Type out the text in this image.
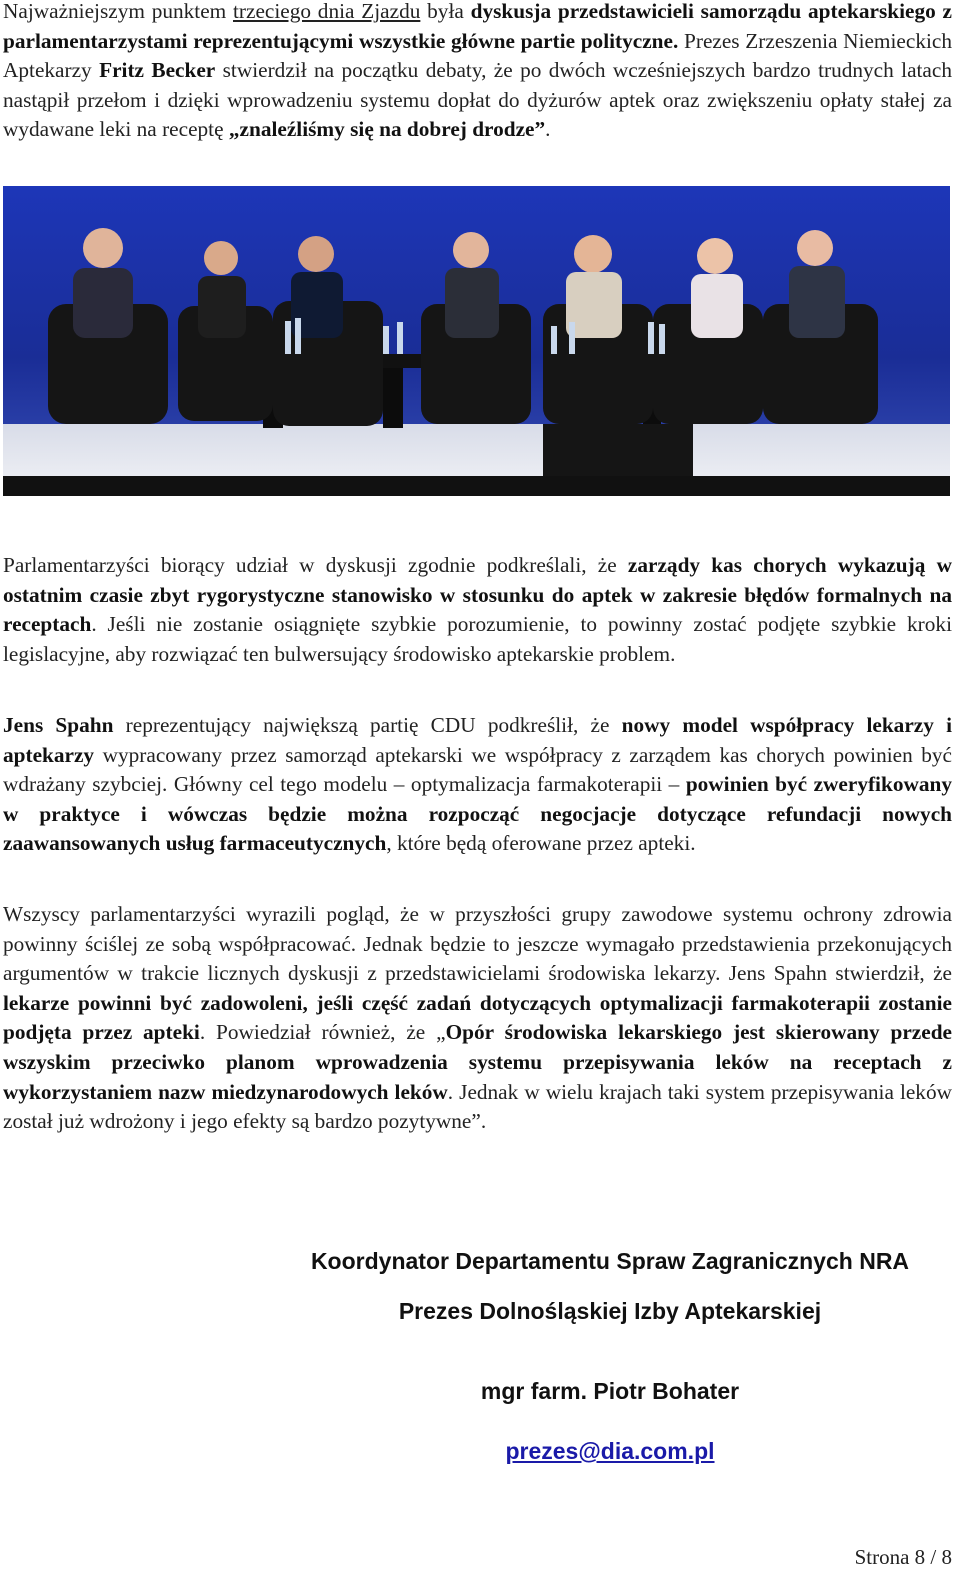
Najważniejszym punktem trzeciego dnia Zjazdu była dyskusja przedstawicieli samorządu aptekarskiego z parlamentarzystami reprezentującymi wszystkie główne partie polityczne. Prezes Zrzeszenia Niemieckich Aptekarzy Fritz Becker stwierdził na początku debaty, że po dwóch wcześniejszych bardzo trudnych latach nastąpił przełom i dzięki wprowadzeniu systemu dopłat do dyżurów aptek oraz zwiększeniu opłaty stałej za wydawane leki na receptę „znaleźliśmy się na dobrej drodze”.

Parlamentarzyści biorący udział w dyskusji zgodnie podkreślali, że zarządy kas chorych wykazują w ostatnim czasie zbyt rygorystyczne stanowisko w stosunku do aptek w zakresie błędów formalnych na receptach. Jeśli nie zostanie osiągnięte szybkie porozumienie, to powinny zostać podjęte szybkie kroki legislacyjne, aby rozwiązać ten bulwersujący środowisko aptekarskie problem.

Jens Spahn reprezentujący największą partię CDU podkreślił, że nowy model współpracy lekarzy i aptekarzy wypracowany przez samorząd aptekarski we współpracy z zarządem kas chorych powinien być wdrażany szybciej. Główny cel tego modelu – optymalizacja farmakoterapii – powinien być zweryfikowany w praktyce i wówczas będzie można rozpocząć negocjacje dotyczące refundacji nowych zaawansowanych usług farmaceutycznych, które będą oferowane przez apteki.

Wszyscy parlamentarzyści wyrazili pogląd, że w przyszłości grupy zawodowe systemu ochrony zdrowia powinny ściślej ze sobą współpracować. Jednak będzie to jeszcze wymagało przedstawienia przekonujących argumentów w trakcie licznych dyskusji z przedstawicielami środowiska lekarzy. Jens Spahn stwierdził, że lekarze powinni być zadowoleni, jeśli część zadań dotyczących optymalizacji farmakoterapii zostanie podjęta przez apteki. Powiedział również, że „Opór środowiska lekarskiego jest skierowany przede wszyskim przeciwko planom wprowadzenia systemu przepisywania leków na receptach z wykorzystaniem nazw miedzynarodowych leków. Jednak w wielu krajach taki system przepisywania leków został już wdrożony i jego efekty są bardzo pozytywne”.

Koordynator Departamentu Spraw Zagranicznych NRA

Prezes Dolnośląskiej Izby Aptekarskiej

mgr farm. Piotr Bohater

prezes@dia.com.pl

Strona 8 / 8
